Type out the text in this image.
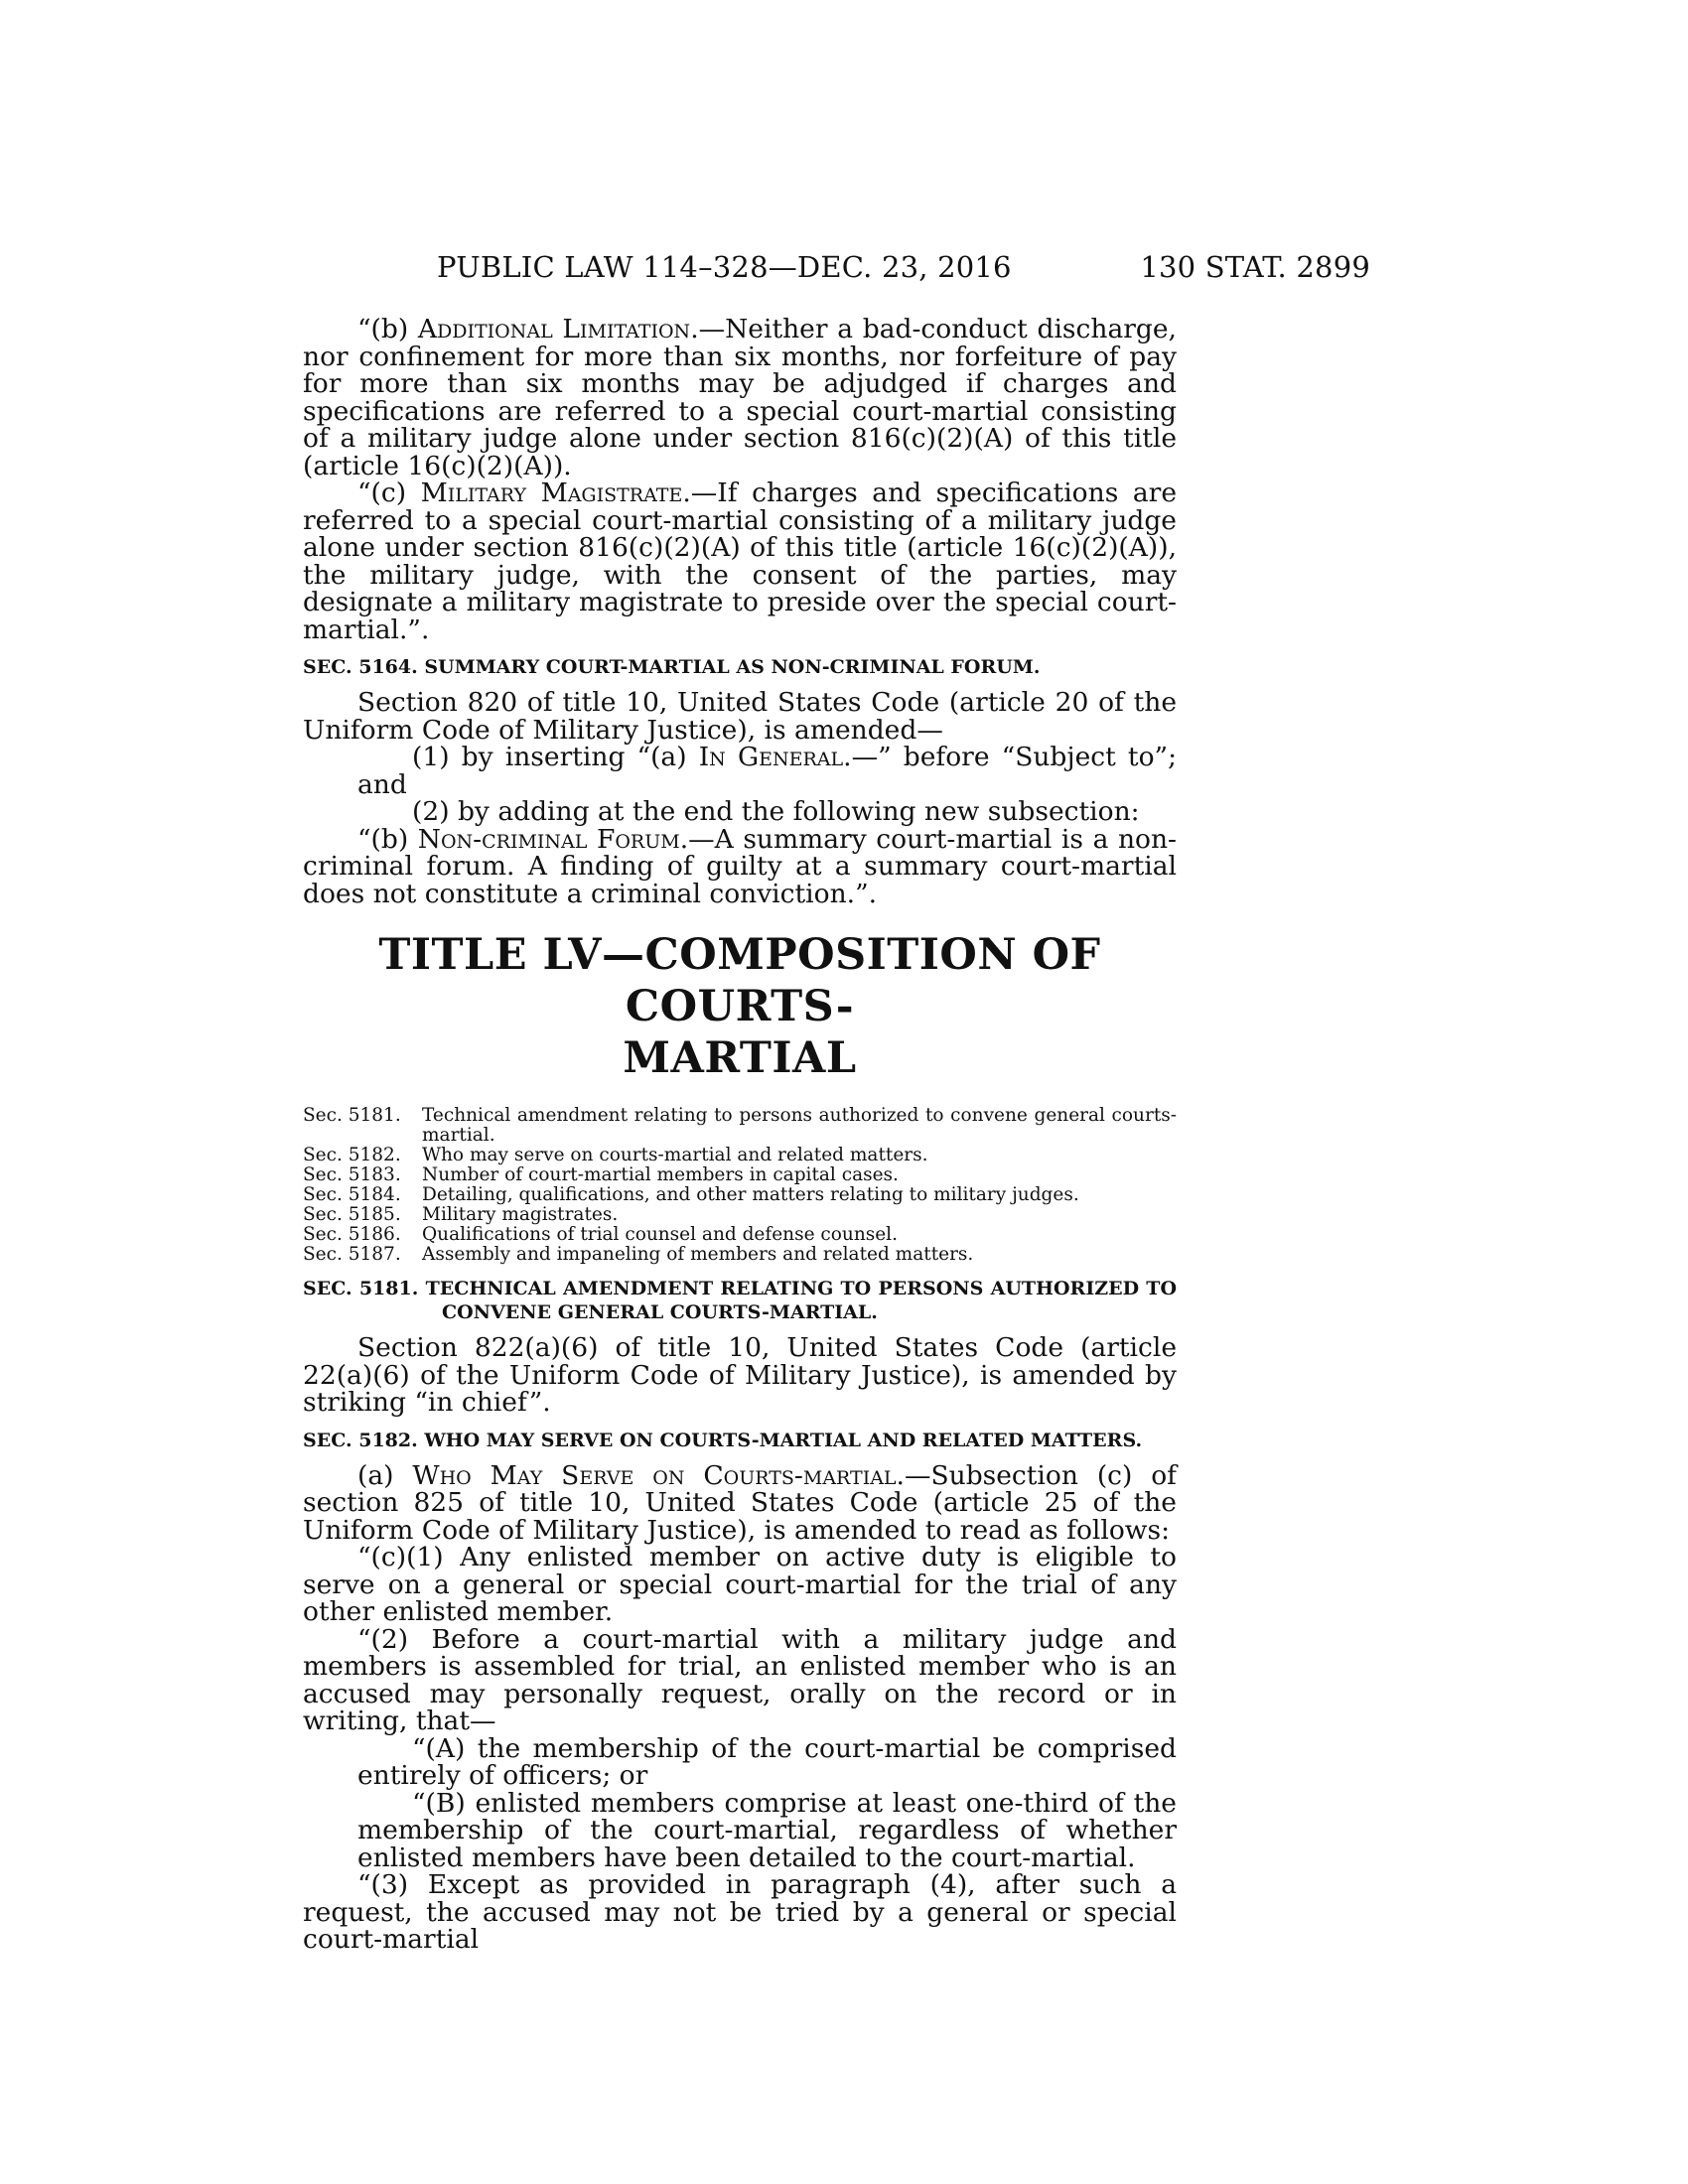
PUBLIC LAW 114–328—DEC. 23, 2016	130 STAT. 2899

“(b) Additional Limitation.—Neither a bad-conduct discharge, nor confinement for more than six months, nor forfeiture of pay for more than six months may be adjudged if charges and specifications are referred to a special court-martial consisting of a military judge alone under section 816(c)(2)(A) of this title (article 16(c)(2)(A)).

“(c) Military Magistrate.—If charges and specifications are referred to a special court-martial consisting of a military judge alone under section 816(c)(2)(A) of this title (article 16(c)(2)(A)), the military judge, with the consent of the parties, may designate a military magistrate to preside over the special court-martial.”.

SEC. 5164. SUMMARY COURT-MARTIAL AS NON-CRIMINAL FORUM.

Section 820 of title 10, United States Code (article 20 of the Uniform Code of Military Justice), is amended—

(1) by inserting “(a) In General.—” before “Subject to”; and

(2) by adding at the end the following new subsection:

“(b) Non-criminal Forum.—A summary court-martial is a non-criminal forum. A finding of guilty at a summary court-martial does not constitute a criminal conviction.”.

TITLE LV—COMPOSITION OF COURTS-
MARTIAL
Sec. 5181.	Technical amendment relating to persons authorized to convene general courts-martial.
Sec. 5182.	Who may serve on courts-martial and related matters.
Sec. 5183.	Number of court-martial members in capital cases.
Sec. 5184.	Detailing, qualifications, and other matters relating to military judges.
Sec. 5185.	Military magistrates.
Sec. 5186.	Qualifications of trial counsel and defense counsel.
Sec. 5187.	Assembly and impaneling of members and related matters.
SEC. 5181. TECHNICAL AMENDMENT RELATING TO PERSONS AUTHORIZED TO CONVENE GENERAL COURTS-MARTIAL.

Section 822(a)(6) of title 10, United States Code (article 22(a)(6) of the Uniform Code of Military Justice), is amended by striking “in chief”.

SEC. 5182. WHO MAY SERVE ON COURTS-MARTIAL AND RELATED MATTERS.

(a) Who May Serve on Courts-martial.—Subsection (c) of section 825 of title 10, United States Code (article 25 of the Uniform Code of Military Justice), is amended to read as follows:

“(c)(1) Any enlisted member on active duty is eligible to serve on a general or special court-martial for the trial of any other enlisted member.

“(2) Before a court-martial with a military judge and members is assembled for trial, an enlisted member who is an accused may personally request, orally on the record or in writing, that—

“(A) the membership of the court-martial be comprised entirely of officers; or

“(B) enlisted members comprise at least one-third of the membership of the court-martial, regardless of whether enlisted members have been detailed to the court-martial.

“(3) Except as provided in paragraph (4), after such a request, the accused may not be tried by a general or special court-martial
